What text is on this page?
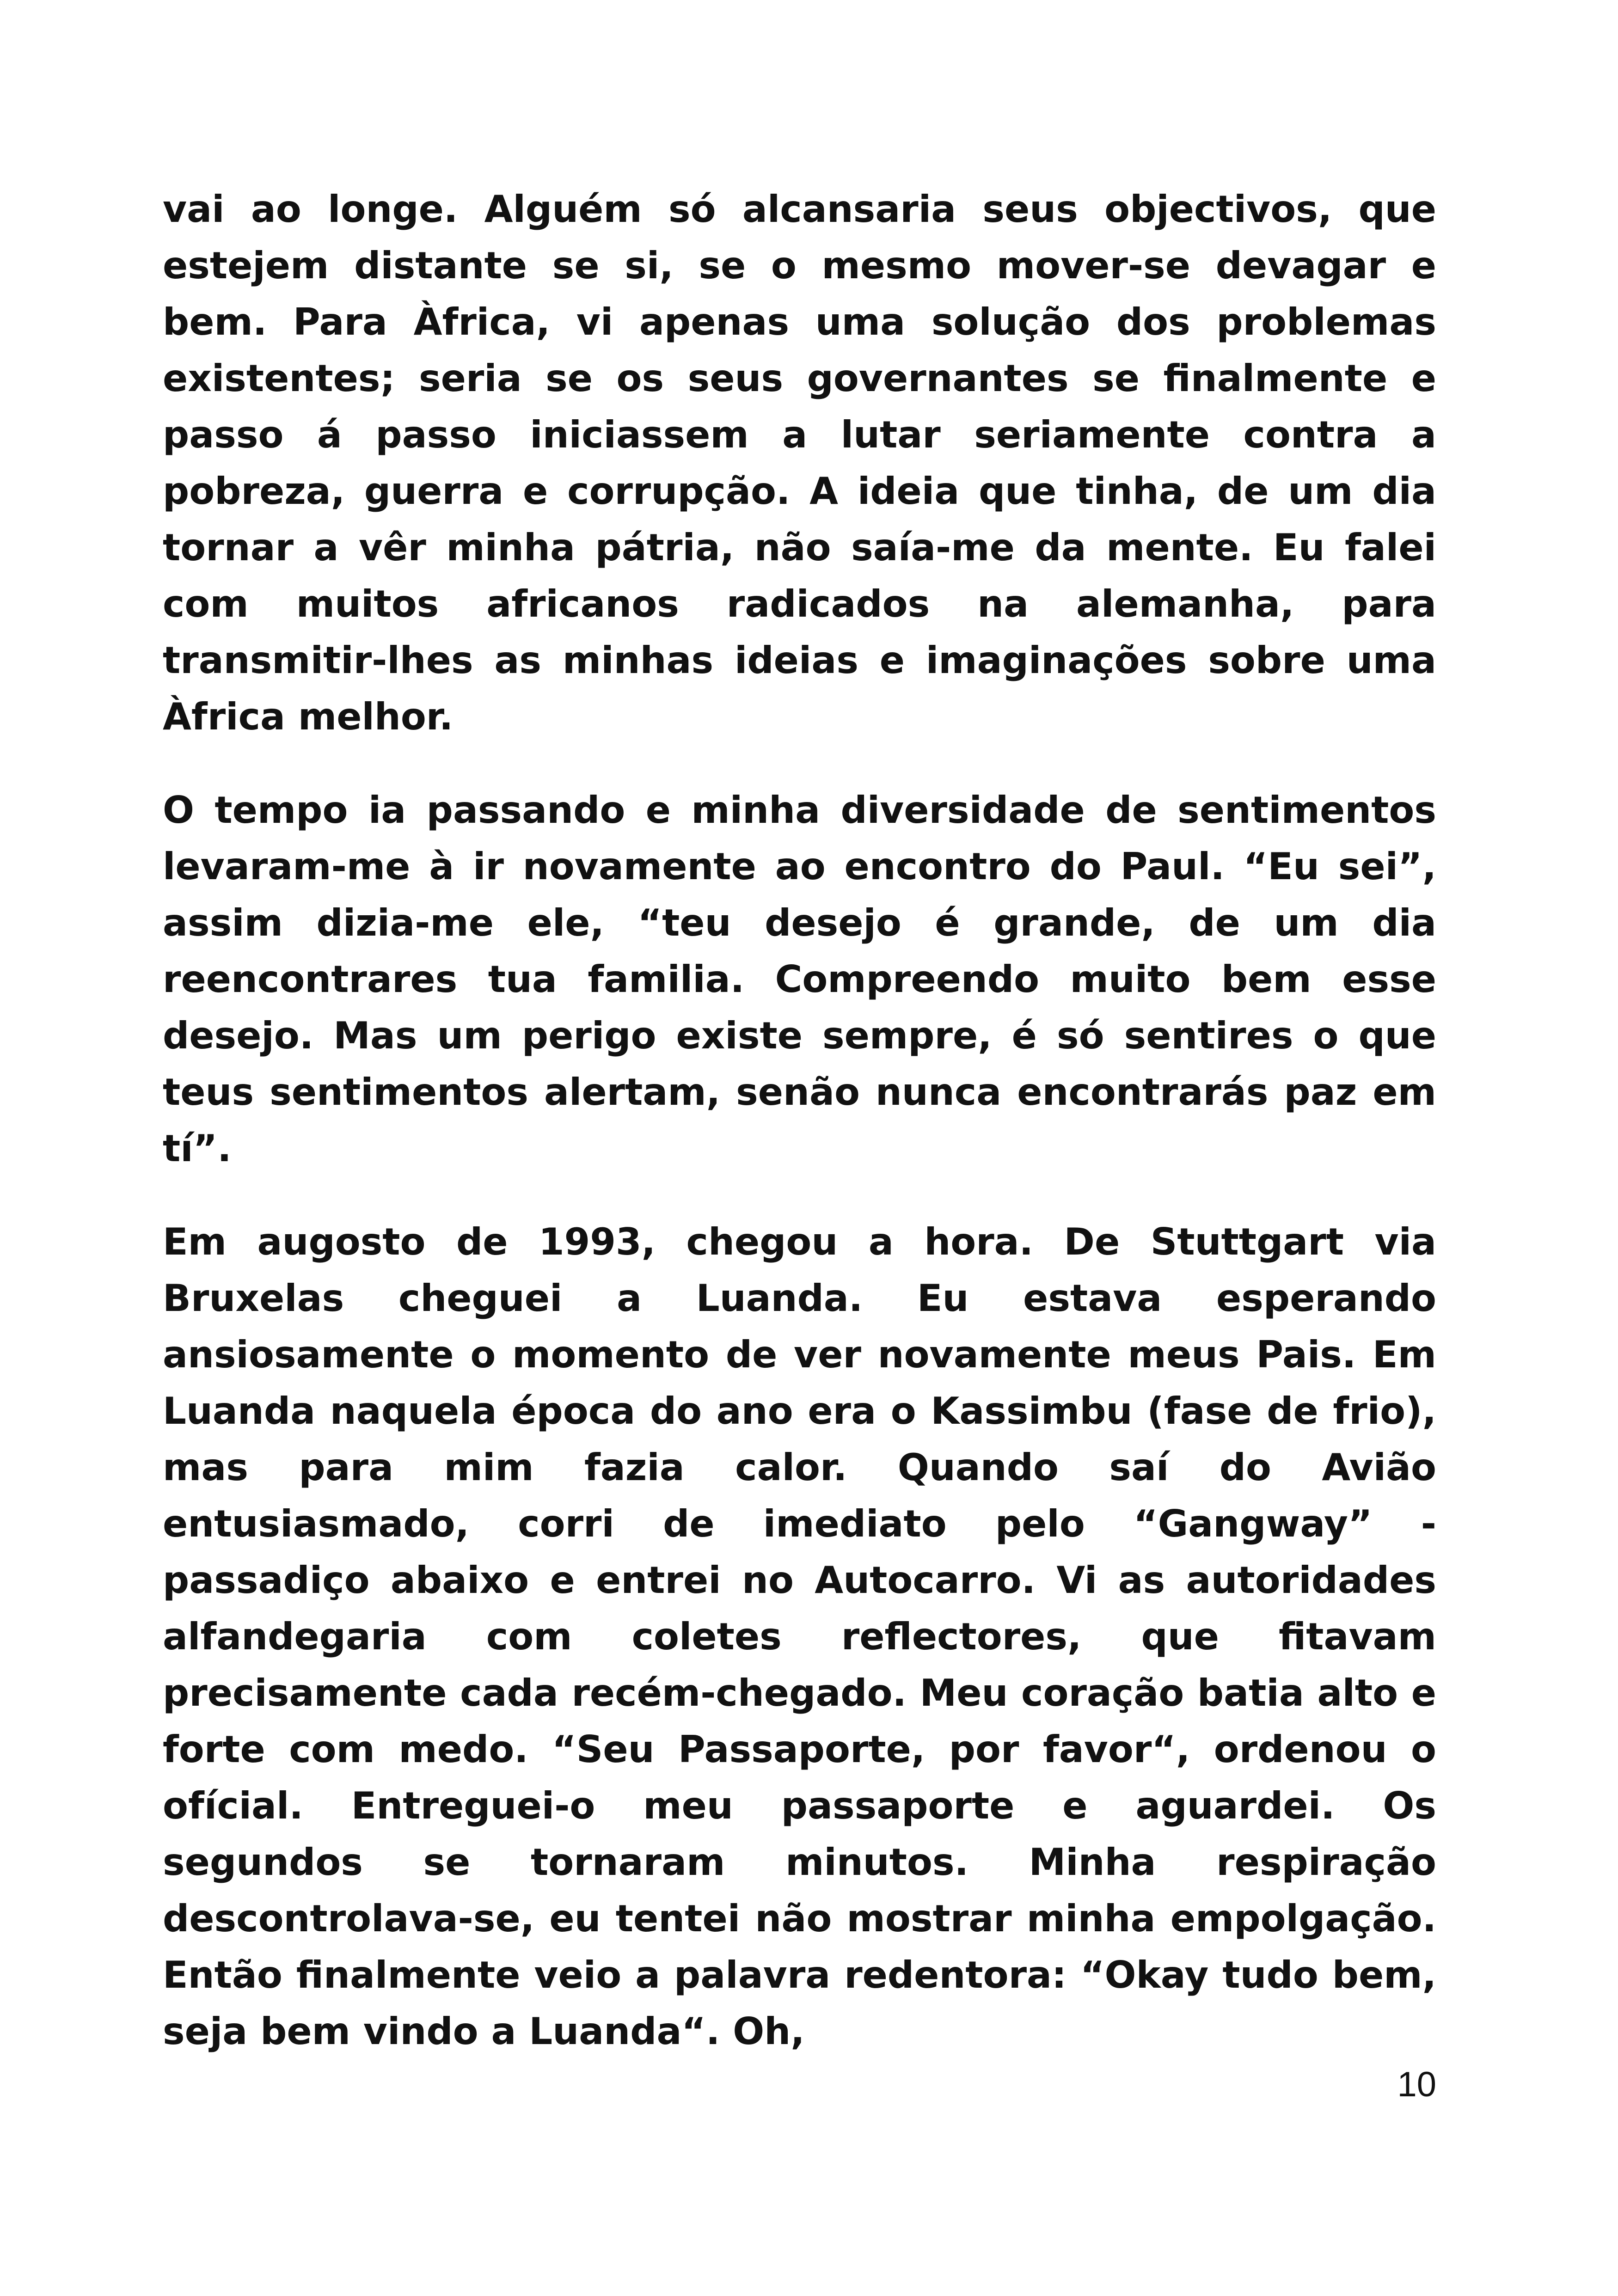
vai ao longe. Alguém só alcansaria seus objectivos, que estejem distante se si, se o mesmo mover-se devagar e bem. Para Àfrica, vi apenas uma solução dos problemas existentes; seria se os seus governantes se finalmente e passo á passo iniciassem a lutar seriamente contra a pobreza, guerra e corrupção. A ideia que tinha, de um dia tornar a vêr minha pátria, não saía-me da mente. Eu falei com muitos africanos radicados na alemanha, para transmitir-lhes as minhas ideias e imaginações sobre uma Àfrica melhor.

O tempo ia passando e minha diversidade de sentimentos levaram-me à ir novamente ao encontro do Paul. “Eu sei”, assim dizia-me ele, “teu desejo é grande, de um dia reencontrares tua familia. Compreendo muito bem esse desejo. Mas um perigo existe sempre, é só sentires o que teus sentimentos alertam, senão nunca encontrarás paz em tí”.

Em augosto de 1993, chegou a hora. De Stuttgart via Bruxelas cheguei a Luanda. Eu estava esperando ansiosamente o momento de ver novamente meus Pais. Em Luanda naquela época do ano era o Kassimbu (fase de frio), mas para mim fazia calor. Quando saí do Avião entusiasmado, corri de imediato pelo “Gangway” - passadiço abaixo e entrei no Autocarro. Vi as autoridades alfandegaria com coletes reflectores, que fitavam precisamente cada recém-chegado. Meu coração batia alto e forte com medo. “Seu Passaporte, por favor“, ordenou o ofícial. Entreguei-o meu passaporte e aguardei. Os segundos se tornaram minutos. Minha respiração descontrolava-se, eu tentei não mostrar minha empolgação. Então finalmente veio a palavra redentora: “Okay tudo bem, seja bem vindo a Luanda“. Oh,

10
